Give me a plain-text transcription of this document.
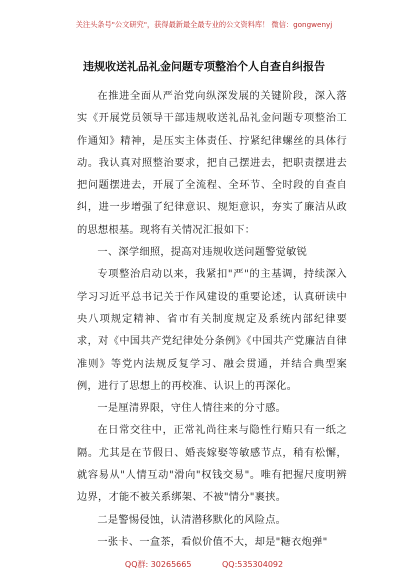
关注头条号"公文研究"，获得最新最全最专业的公文资料库！ 微信：gongwenyj
违规收送礼品礼金问题专项整治个人自查自纠报告

在推进全面从严治党向纵深发展的关键阶段，深入落实《开展党员领导干部违规收送礼品礼金问题专项整治工作通知》精神，是压实主体责任、拧紧纪律螺丝的具体行动。我认真对照整治要求，把自己摆进去，把职责摆进去把问题摆进去，开展了全流程、全环节、全时段的自查自纠，进一步增强了纪律意识、规矩意识，夯实了廉洁从政的思想根基。现将有关情况汇报如下：

一、深学细照，提高对违规收送问题警觉敏锐

专项整治启动以来，我紧扣"严"的主基调，持续深入学习习近平总书记关于作风建设的重要论述，认真研读中央八项规定精神、省市有关制度规定及系统内部纪律要求，对《中国共产党纪律处分条例》《中国共产党廉洁自律准则》等党内法规反复学习、融会贯通，并结合典型案例，进行了思想上的再校准、认识上的再深化。

一是厘清界限，守住人情往来的分寸感。

在日常交往中，正常礼尚往来与隐性行贿只有一纸之隔。尤其是在节假日、婚丧嫁娶等敏感节点，稍有松懈，就容易从"人情互动"滑向"权钱交易"。唯有把握尺度明辨边界，才能不被关系绑架、不被"情分"裹挟。

二是警惕侵蚀，认清潜移默化的风险点。

一张卡、一盒茶，看似价值不大，却是"糖衣炮弹"

QQ群: 30265665	QQ:535304092
